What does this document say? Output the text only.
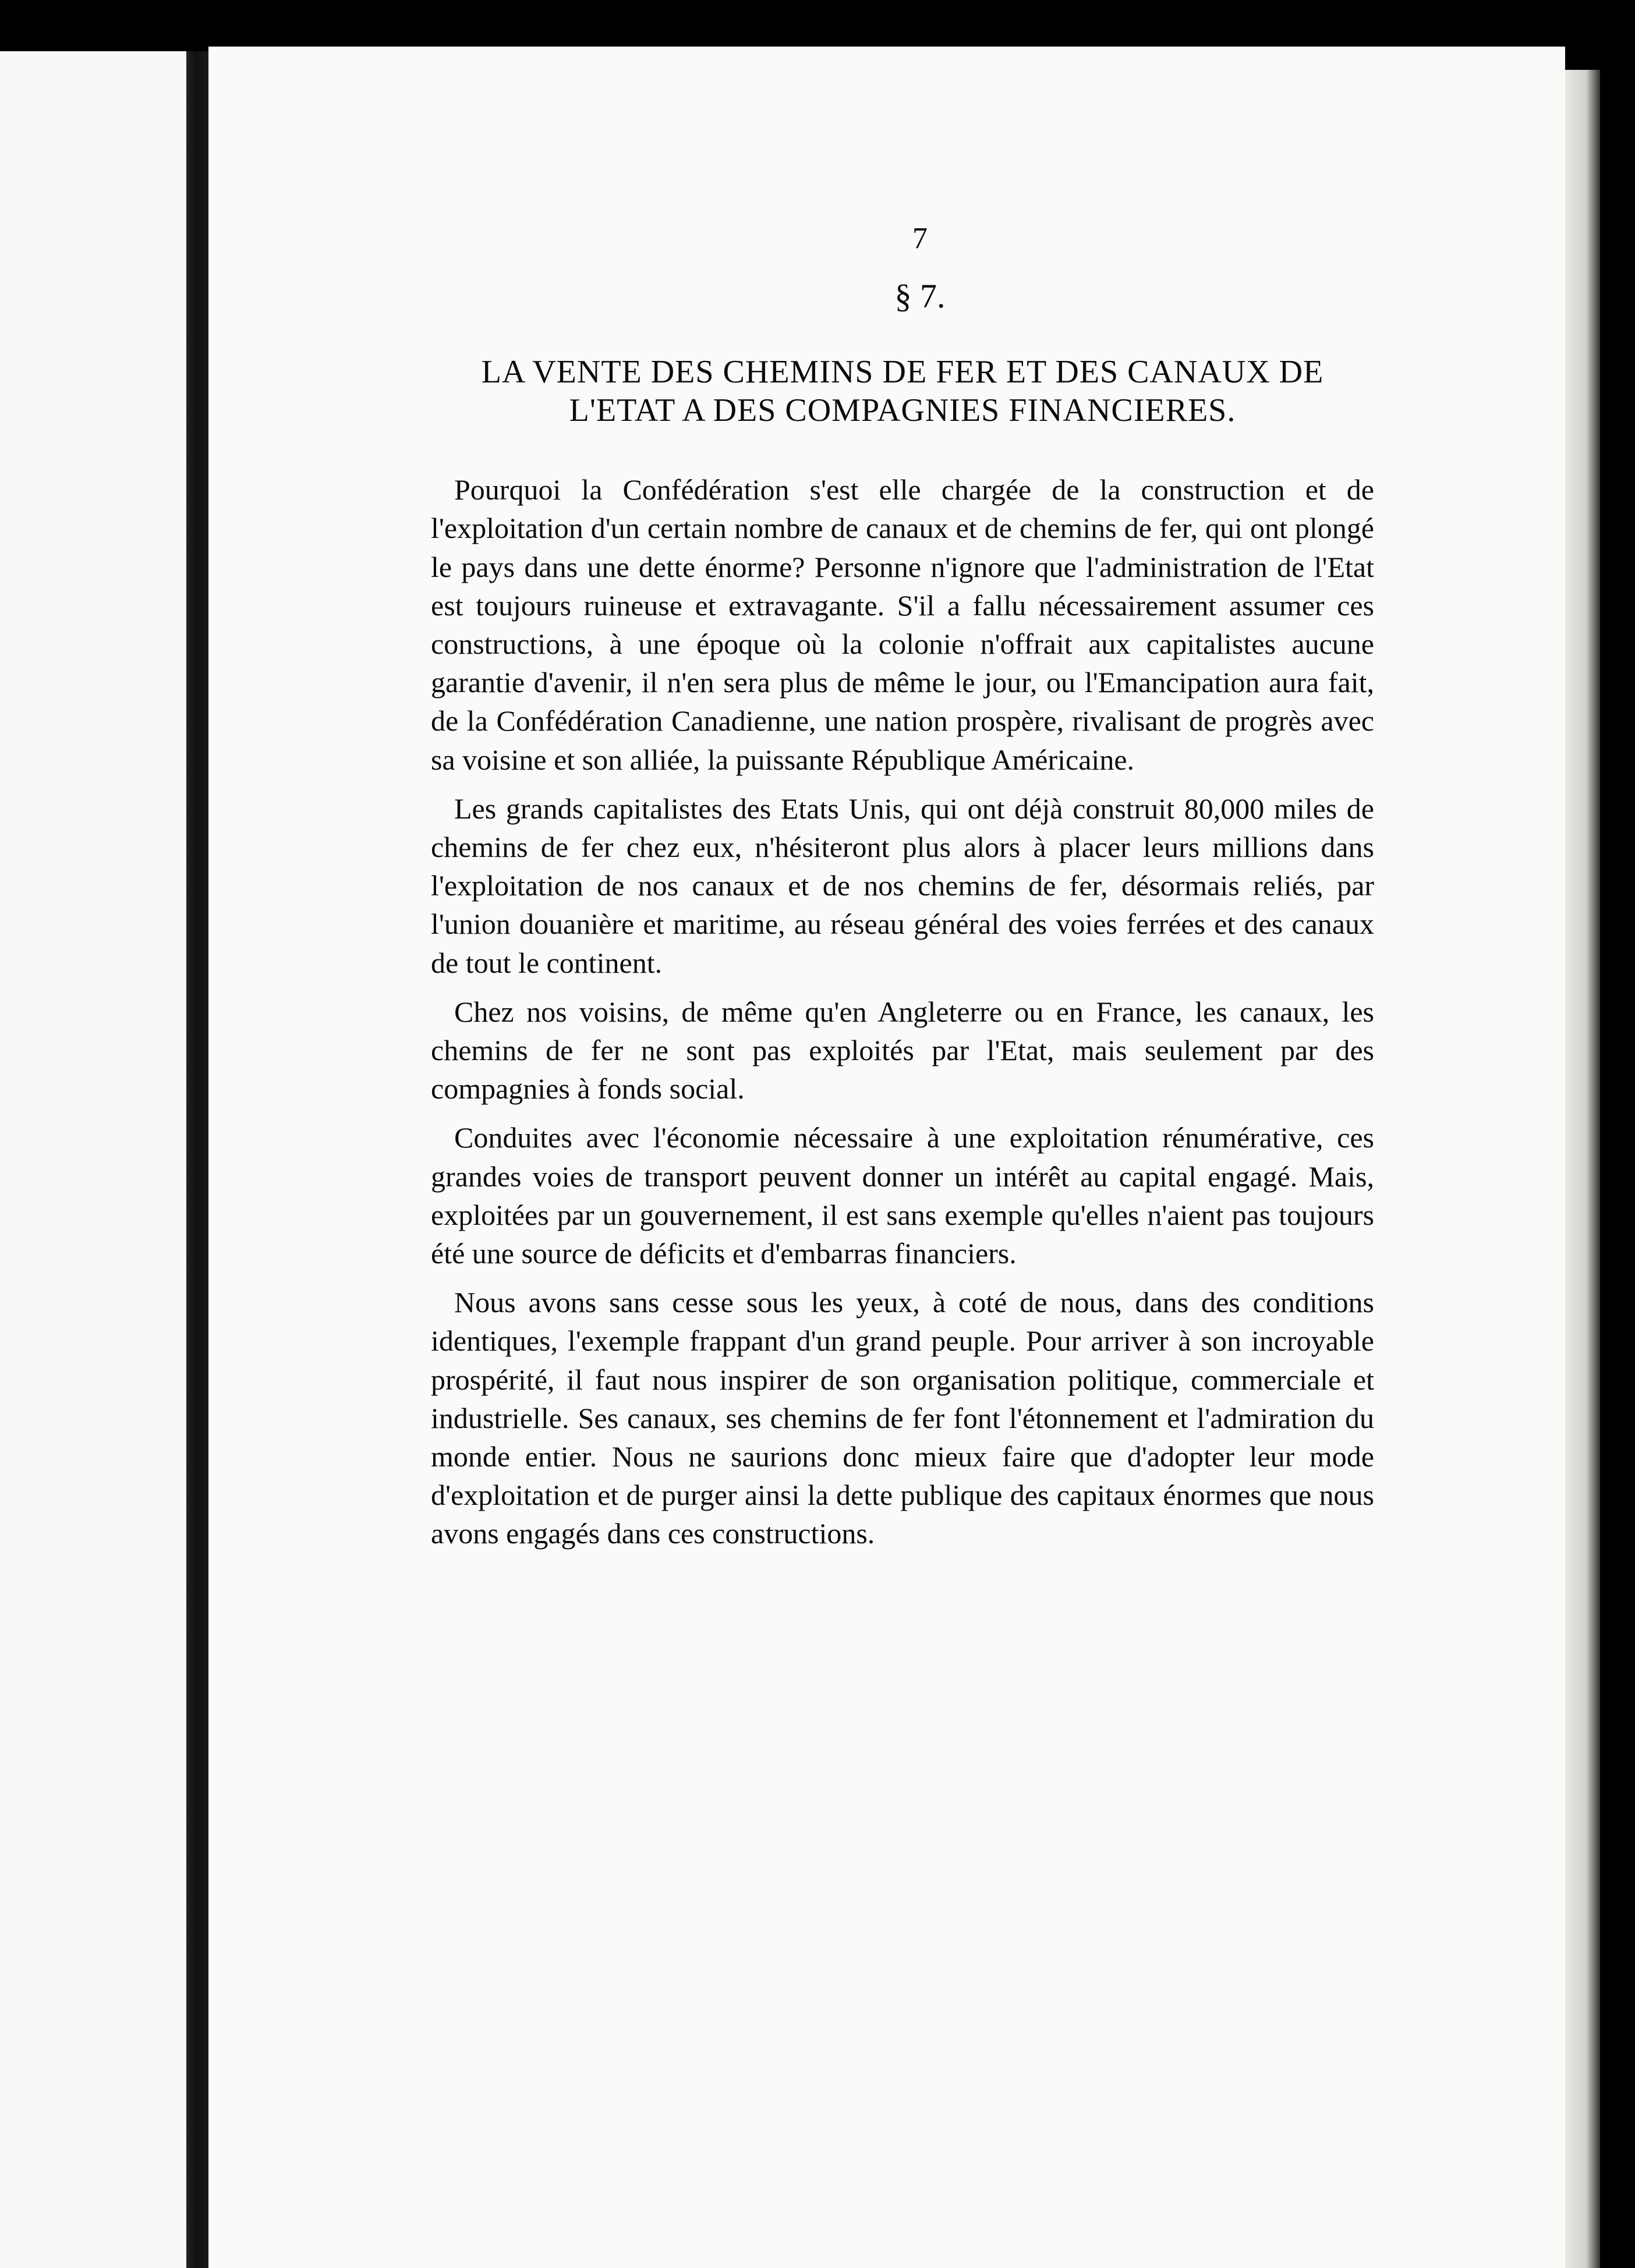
7
§ 7.
LA VENTE DES CHEMINS DE FER ET DES CANAUX DE L'ETAT A DES COMPAGNIES FINANCIERES.

Pourquoi la Confédération s'est elle chargée de la construction et de l'exploitation d'un certain nombre de canaux et de chemins de fer, qui ont plongé le pays dans une dette énorme? Personne n'ignore que l'administration de l'Etat est toujours ruineuse et extravagante. S'il a fallu nécessairement assumer ces constructions, à une époque où la colonie n'offrait aux capitalistes aucune garantie d'avenir, il n'en sera plus de même le jour, ou l'Emancipation aura fait, de la Confédération Canadienne, une nation prospère, rivalisant de progrès avec sa voisine et son alliée, la puissante République Américaine.

Les grands capitalistes des Etats Unis, qui ont déjà construit 80,000 miles de chemins de fer chez eux, n'hésiteront plus alors à placer leurs millions dans l'exploitation de nos canaux et de nos chemins de fer, désormais reliés, par l'union douanière et maritime, au réseau général des voies ferrées et des canaux de tout le continent.

Chez nos voisins, de même qu'en Angleterre ou en France, les canaux, les chemins de fer ne sont pas exploités par l'Etat, mais seulement par des compagnies à fonds social.

Conduites avec l'économie nécessaire à une exploitation rénumérative, ces grandes voies de transport peuvent donner un intérêt au capital engagé. Mais, exploitées par un gouvernement, il est sans exemple qu'elles n'aient pas toujours été une source de déficits et d'embarras financiers.

Nous avons sans cesse sous les yeux, à coté de nous, dans des conditions identiques, l'exemple frappant d'un grand peuple. Pour arriver à son incroyable prospérité, il faut nous inspirer de son organisation politique, commerciale et industrielle. Ses canaux, ses chemins de fer font l'étonnement et l'admiration du monde entier. Nous ne saurions donc mieux faire que d'adopter leur mode d'exploitation et de purger ainsi la dette publique des capitaux énormes que nous avons engagés dans ces constructions.
